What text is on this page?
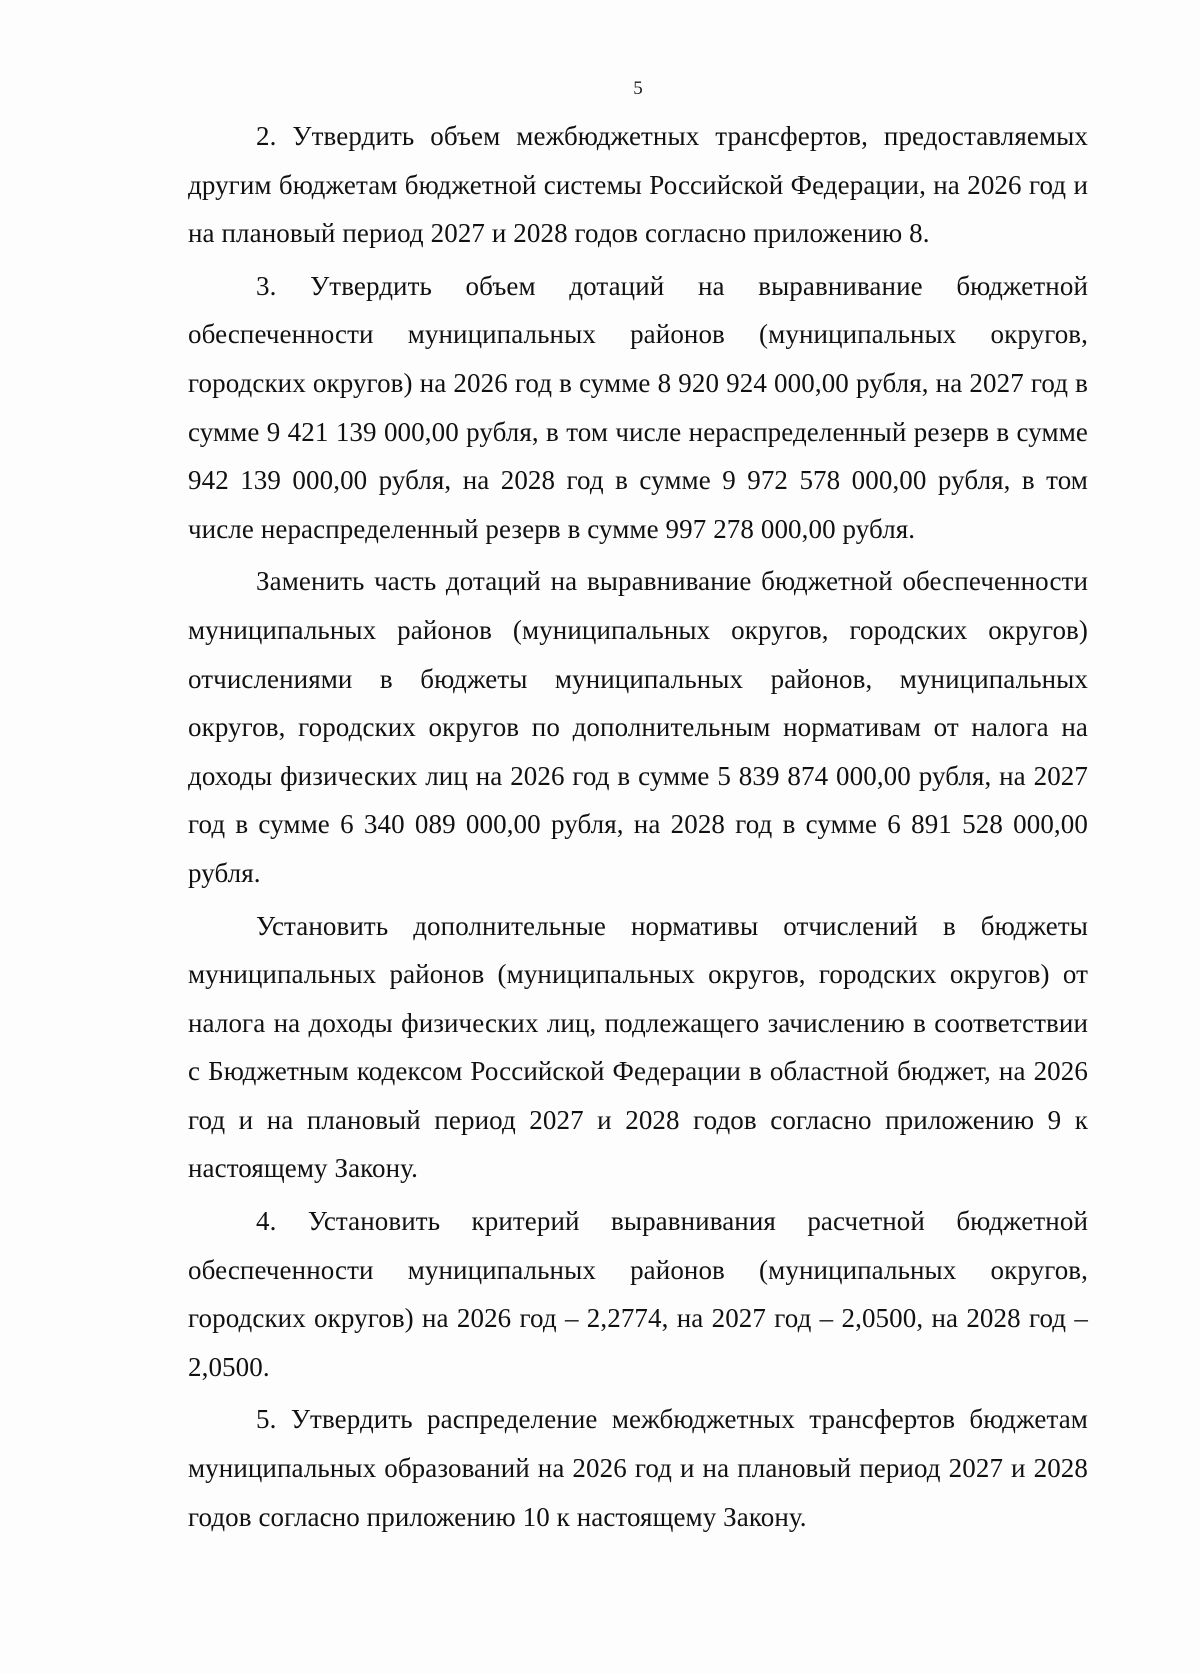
5

2. Утвердить объем межбюджетных трансфертов, предоставляемых другим бюджетам бюджетной системы Российской Федерации, на 2026 год и на плановый период 2027 и 2028 годов согласно приложению 8.

3. Утвердить объем дотаций на выравнивание бюджетной обеспеченности муниципальных районов (муниципальных округов, городских округов) на 2026 год в сумме 8 920 924 000,00 рубля, на 2027 год в сумме 9 421 139 000,00 рубля, в том числе нераспределенный резерв в сумме 942 139 000,00 рубля, на 2028 год в сумме 9 972 578 000,00 рубля, в том числе нераспределенный резерв в сумме 997 278 000,00 рубля.

Заменить часть дотаций на выравнивание бюджетной обеспеченности муниципальных районов (муниципальных округов, городских округов) отчислениями в бюджеты муниципальных районов, муниципальных округов, городских округов по дополнительным нормативам от налога на доходы физических лиц на 2026 год в сумме 5 839 874 000,00 рубля, на 2027 год в сумме 6 340 089 000,00 рубля, на 2028 год в сумме 6 891 528 000,00 рубля.

Установить дополнительные нормативы отчислений в бюджеты муниципальных районов (муниципальных округов, городских округов) от налога на доходы физических лиц, подлежащего зачислению в соответствии с Бюджетным кодексом Российской Федерации в областной бюджет, на 2026 год и на плановый период 2027 и 2028 годов согласно приложению 9 к настоящему Закону.

4. Установить критерий выравнивания расчетной бюджетной обеспеченности муниципальных районов (муниципальных округов, городских округов) на 2026 год – 2,2774, на 2027 год – 2,0500, на 2028 год – 2,0500.

5. Утвердить распределение межбюджетных трансфертов бюджетам муниципальных образований на 2026 год и на плановый период 2027 и 2028 годов согласно приложению 10 к настоящему Закону.
